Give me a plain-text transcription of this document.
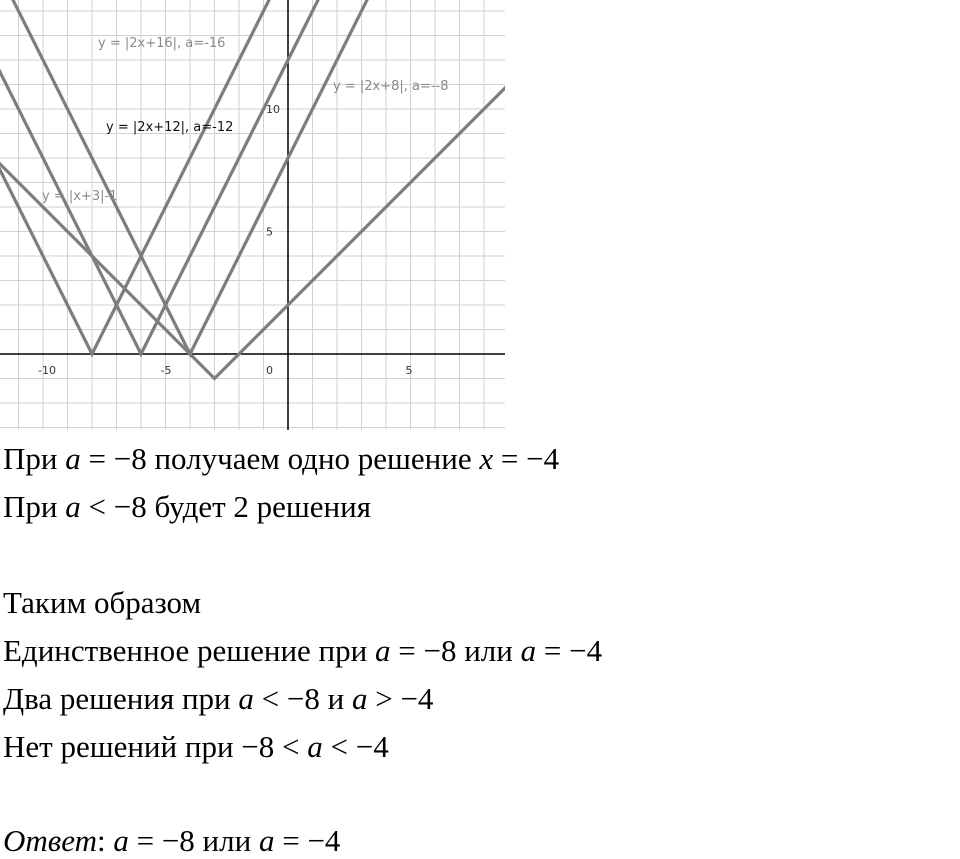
-10	-5	0	5
5
10
y = |2x+16|, a=-16
y = |2x+12|, a=-12
y = |2x+8|, a=--8
y = |x+3|-1
При a = −8 получаем одно решение x = −4
При a < −8 будет 2 решения
Таким образом
Единственное решение при a = −8 или a = −4
Два решения при a < −8 и a > −4
Нет решений при −8 < a < −4
Ответ: a = −8 или a = −4
